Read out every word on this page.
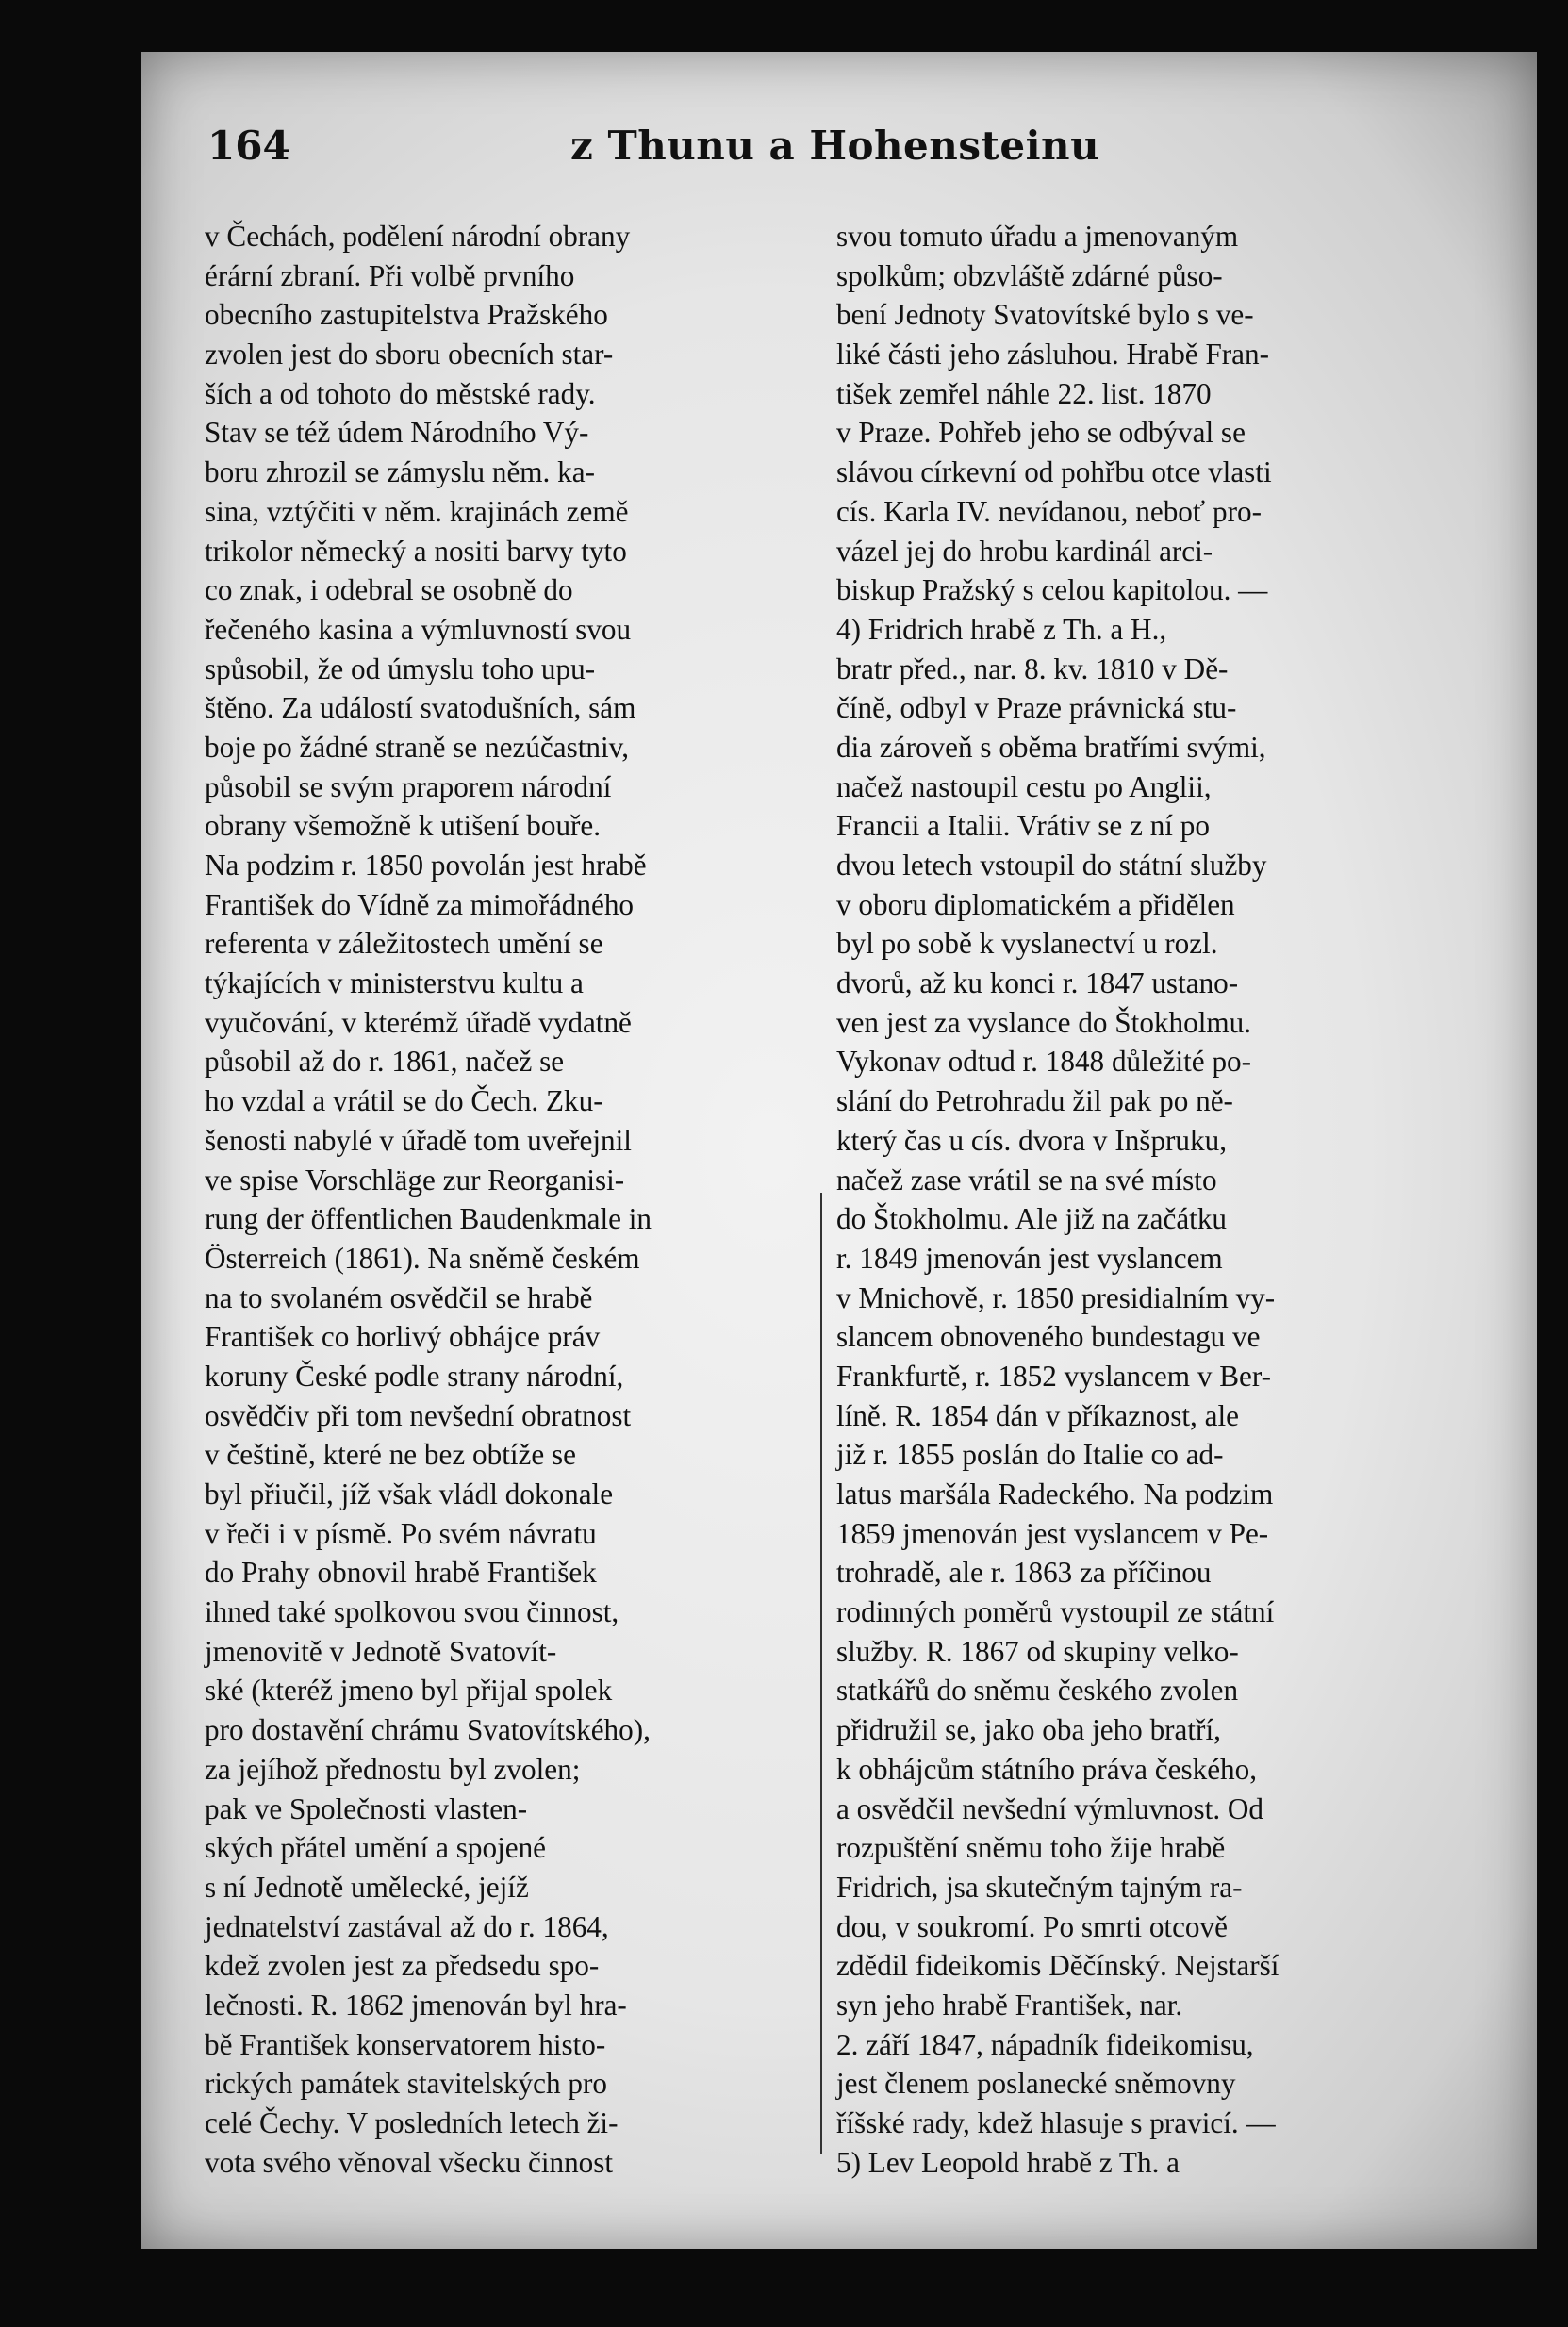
164	z Thunu a Hohensteinu
v Čechách, podělení národní obrany
érární zbraní. Při volbě prvního
obecního zastupitelstva Pražského
zvolen jest do sboru obecních star-
ších a od tohoto do městské rady.
Stav se též údem Národního Vý-
boru zhrozil se zámyslu něm. ka-
sina, vztýčiti v něm. krajinách země
trikolor německý a nositi barvy tyto
co znak, i odebral se osobně do
řečeného kasina a výmluvností svou
spůsobil, že od úmyslu toho upu-
štěno. Za událostí svatodušních, sám
boje po žádné straně se nezúčastniv,
působil se svým praporem národní
obrany všemožně k utišení bouře.
Na podzim r. 1850 povolán jest hrabě
František do Vídně za mimořádného
referenta v záležitostech umění se
týkajících v ministerstvu kultu a
vyučování, v kterémž úřadě vydatně
působil až do r. 1861, načež se
ho vzdal a vrátil se do Čech. Zku-
šenosti nabylé v úřadě tom uveřejnil
ve spise Vorschläge zur Reorganisi-
rung der öffentlichen Baudenkmale in
Österreich (1861). Na sněmě českém
na to svolaném osvědčil se hrabě
František co horlivý obhájce práv
koruny České podle strany národní,
osvědčiv při tom nevšední obratnost
v češtině, které ne bez obtíže se
byl přiučil, jíž však vládl dokonale
v řeči i v písmě. Po svém návratu
do Prahy obnovil hrabě František
ihned také spolkovou svou činnost,
jmenovitě v Jednotě Svatovít-
ské (kteréž jmeno byl přijal spolek
pro dostavění chrámu Svatovítského),
za jejíhož přednostu byl zvolen;
pak ve Společnosti vlasten-
ských přátel umění a spojené
s ní Jednotě umělecké, jejíž
jednatelství zastával až do r. 1864,
kdež zvolen jest za předsedu spo-
lečnosti. R. 1862 jmenován byl hra-
bě František konservatorem histo-
rických památek stavitelských pro
celé Čechy. V posledních letech ži-
vota svého věnoval všecku činnost
svou tomuto úřadu a jmenovaným
spolkům; obzvláště zdárné půso-
bení Jednoty Svatovítské bylo s ve-
liké části jeho zásluhou. Hrabě Fran-
tišek zemřel náhle 22. list. 1870
v Praze. Pohřeb jeho se odbýval se
slávou církevní od pohřbu otce vlasti
cís. Karla IV. nevídanou, neboť pro-
vázel jej do hrobu kardinál arci-
biskup Pražský s celou kapitolou. —
4) Fridrich hrabě z Th. a H.,
bratr před., nar. 8. kv. 1810 v Dě-
číně, odbyl v Praze právnická stu-
dia zároveň s oběma bratřími svými,
načež nastoupil cestu po Anglii,
Francii a Italii. Vrátiv se z ní po
dvou letech vstoupil do státní služby
v oboru diplomatickém a přidělen
byl po sobě k vyslanectví u rozl.
dvorů, až ku konci r. 1847 ustano-
ven jest za vyslance do Štokholmu.
Vykonav odtud r. 1848 důležité po-
slání do Petrohradu žil pak po ně-
který čas u cís. dvora v Inšpruku,
načež zase vrátil se na své místo
do Štokholmu. Ale již na začátku
r. 1849 jmenován jest vyslancem
v Mnichově, r. 1850 presidialním vy-
slancem obnoveného bundestagu ve
Frankfurtě, r. 1852 vyslancem v Ber-
líně. R. 1854 dán v příkaznost, ale
již r. 1855 poslán do Italie co ad-
latus maršála Radeckého. Na podzim
1859 jmenován jest vyslancem v Pe-
trohradě, ale r. 1863 za příčinou
rodinných poměrů vystoupil ze státní
služby. R. 1867 od skupiny velko-
statkářů do sněmu českého zvolen
přidružil se, jako oba jeho bratří,
k obhájcům státního práva českého,
a osvědčil nevšední výmluvnost. Od
rozpuštění sněmu toho žije hrabě
Fridrich, jsa skutečným tajným ra-
dou, v soukromí. Po smrti otcově
zdědil fideikomis Děčínský. Nejstarší
syn jeho hrabě František, nar.
2. září 1847, nápadník fideikomisu,
jest členem poslanecké sněmovny
říšské rady, kdež hlasuje s pravicí. —
5) Lev Leopold hrabě z Th. a
